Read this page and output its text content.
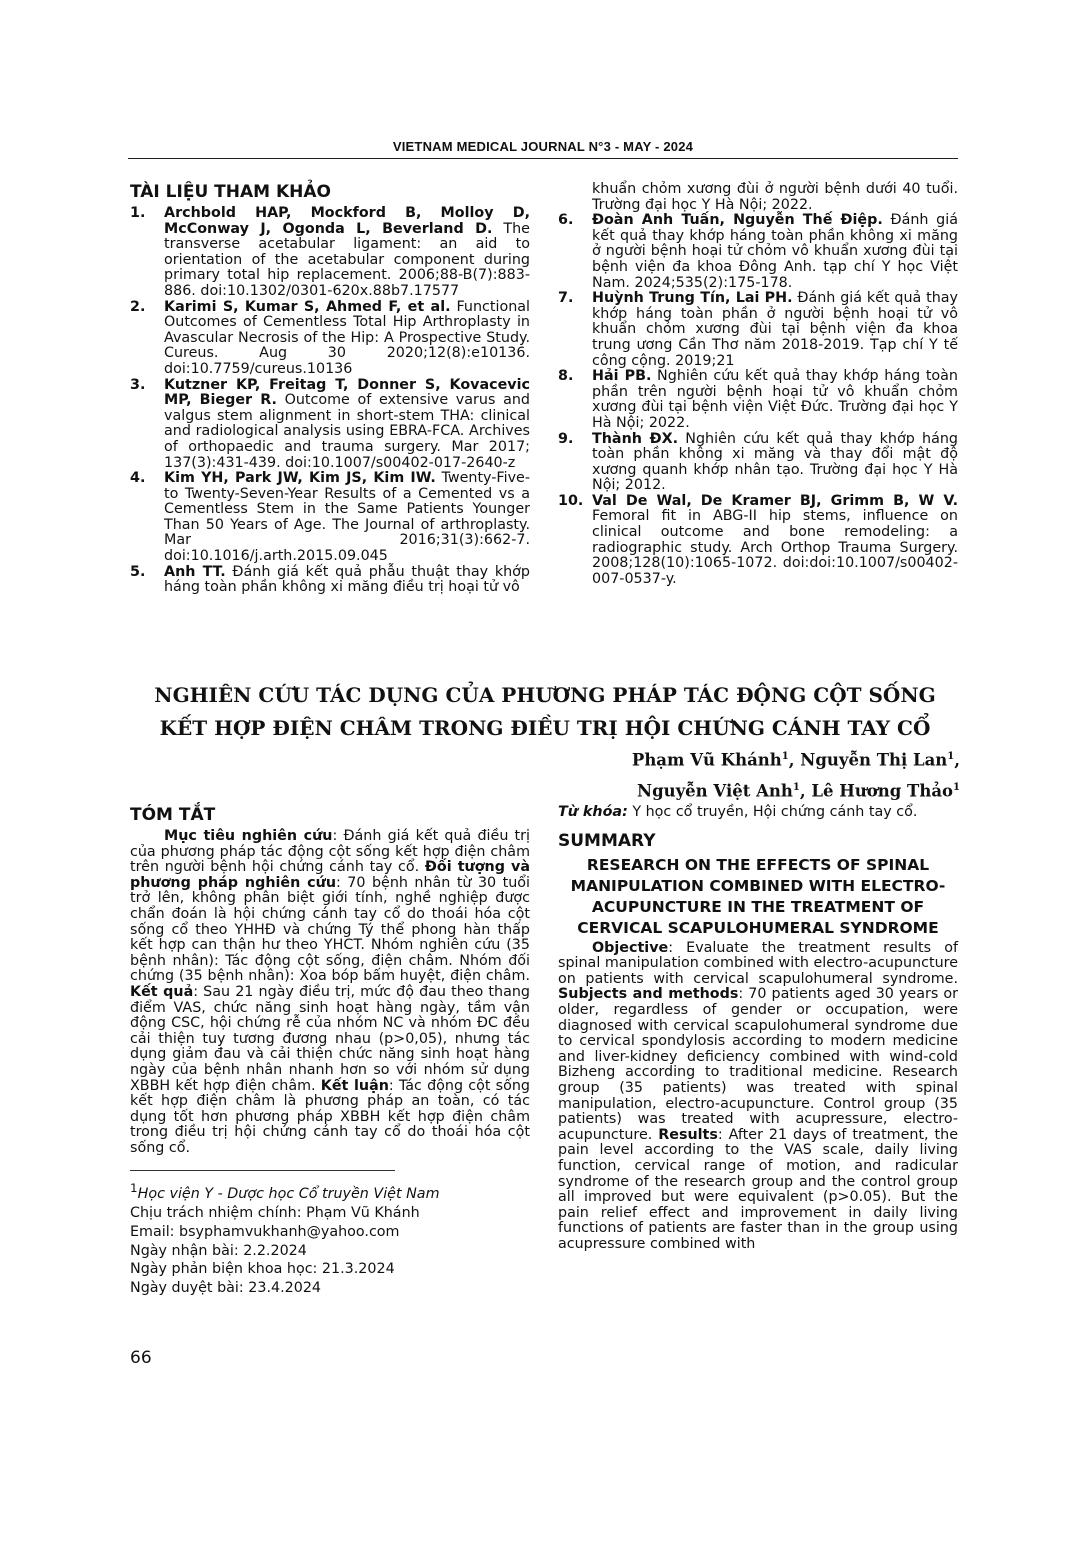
VIETNAM MEDICAL JOURNAL N°3 - MAY - 2024
TÀI LIỆU THAM KHẢO
1.	Archbold HAP, Mockford B, Molloy D, McConway J, Ogonda L, Beverland D. The transverse acetabular ligament: an aid to orientation of the acetabular component during primary total hip replacement. 2006;88-B(7):883-886. doi:10.1302/0301-620x.88b7.17577
2.	Karimi S, Kumar S, Ahmed F, et al. Functional Outcomes of Cementless Total Hip Arthroplasty in Avascular Necrosis of the Hip: A Prospective Study. Cureus. Aug 30 2020;12(8):e10136. doi:10.7759/cureus.10136
3.	Kutzner KP, Freitag T, Donner S, Kovacevic MP, Bieger R. Outcome of extensive varus and valgus stem alignment in short-stem THA: clinical and radiological analysis using EBRA-FCA. Archives of orthopaedic and trauma surgery. Mar 2017; 137(3):431-439. doi:10.1007/s00402-017-2640-z
4.	Kim YH, Park JW, Kim JS, Kim IW. Twenty-Five- to Twenty-Seven-Year Results of a Cemented vs a Cementless Stem in the Same Patients Younger Than 50 Years of Age. The Journal of arthroplasty. Mar 2016;31(3):662-7. doi:10.1016/j.arth.2015.09.045
5.	Anh TT. Đánh giá kết quả phẫu thuật thay khớp háng toàn phần không xi măng điều trị hoại tử vô
khuẩn chỏm xương đùi ở người bệnh dưới 40 tuổi. Trường đại học Y Hà Nội; 2022.
6.	Đoàn Anh Tuấn, Nguyễn Thế Điệp. Đánh giá kết quả thay khớp háng toàn phần không xi măng ở người bệnh hoại tử chỏm vô khuẩn xương đùi tại bệnh viện đa khoa Đông Anh. tạp chí Y học Việt Nam. 2024;535(2):175-178.
7.	Huỳnh Trung Tín, Lai PH. Đánh giá kết quả thay khớp háng toàn phần ở người bệnh hoại tử vô khuẩn chỏm xương đùi tại bệnh viện đa khoa trung ương Cần Thơ năm 2018-2019. Tạp chí Y tế công cộng. 2019;21
8.	Hải PB. Nghiên cứu kết quả thay khớp háng toàn phần trên người bệnh hoại tử vô khuẩn chỏm xương đùi tại bệnh viện Việt Đức. Trường đại học Y Hà Nội; 2022.
9.	Thành ĐX. Nghiên cứu kết quả thay khớp háng toàn phần không xi măng và thay đổi mật độ xương quanh khớp nhân tạo. Trường đại học Y Hà Nội; 2012.
10. Val De Wal, De Kramer BJ, Grimm B, W V. Femoral fit in ABG-II hip stems, influence on clinical outcome and bone remodeling: a radiographic study. Arch Orthop Trauma Surgery. 2008;128(10):1065-1072. doi:doi:10.1007/s00402-007-0537-y.
NGHIÊN CỨU TÁC DỤNG CỦA PHƯƠNG PHÁP TÁC ĐỘNG CỘT SỐNG
KẾT HỢP ĐIỆN CHÂM TRONG ĐIỀU TRỊ HỘI CHỨNG CÁNH TAY CỔ
Phạm Vũ Khánh$^1$, Nguyễn Thị Lan$^1$,
Nguyễn Việt Anh$^1$, Lê Hương Thảo$^1$
TÓM TẮT

Mục tiêu nghiên cứu: Đánh giá kết quả điều trị của phương pháp tác động cột sống kết hợp điện châm trên người bệnh hội chứng cánh tay cổ. Đối tượng và phương pháp nghiên cứu: 70 bệnh nhân từ 30 tuổi trở lên, không phân biệt giới tính, nghề nghiệp được chẩn đoán là hội chứng cánh tay cổ do thoái hóa cột sống cổ theo YHHĐ và chứng Tý thể phong hàn thấp kết hợp can thận hư theo YHCT. Nhóm nghiên cứu (35 bệnh nhân): Tác động cột sống, điện châm. Nhóm đối chứng (35 bệnh nhân): Xoa bóp bấm huyệt, điện châm. Kết quả: Sau 21 ngày điều trị, mức độ đau theo thang điểm VAS, chức năng sinh hoạt hàng ngày, tầm vận động CSC, hội chứng rễ của nhóm NC và nhóm ĐC đều cải thiện tuy tương đương nhau (p>0,05), nhưng tác dụng giảm đau và cải thiện chức năng sinh hoạt hàng ngày của bệnh nhân nhanh hơn so với nhóm sử dụng XBBH kết hợp điện châm. Kết luận: Tác động cột sống kết hợp điện châm là phương pháp an toàn, có tác dụng tốt hơn phương pháp XBBH kết hợp điện châm trong điều trị hội chứng cánh tay cổ do thoái hóa cột sống cổ.

$^1$Học viện Y - Dược học Cổ truyền Việt Nam
Chịu trách nhiệm chính: Phạm Vũ Khánh
Email: bsyphamvukhanh@yahoo.com
Ngày nhận bài: 2.2.2024
Ngày phản biện khoa học: 21.3.2024
Ngày duyệt bài: 23.4.2024

Từ khóa: Y học cổ truyền, Hội chứng cánh tay cổ.

SUMMARY
RESEARCH ON THE EFFECTS OF SPINAL MANIPULATION COMBINED WITH ELECTRO-ACUPUNCTURE IN THE TREATMENT OF CERVICAL SCAPULOHUMERAL SYNDROME

Objective: Evaluate the treatment results of spinal manipulation combined with electro-acupuncture on patients with cervical scapulohumeral syndrome. Subjects and methods: 70 patients aged 30 years or older, regardless of gender or occupation, were diagnosed with cervical scapulohumeral syndrome due to cervical spondylosis according to modern medicine and liver-kidney deficiency combined with wind-cold Bizheng according to traditional medicine. Research group (35 patients) was treated with spinal manipulation, electro-acupuncture. Control group (35 patients) was treated with acupressure, electro-acupuncture. Results: After 21 days of treatment, the pain level according to the VAS scale, daily living function, cervical range of motion, and radicular syndrome of the research group and the control group all improved but were equivalent (p>0.05). But the pain relief effect and improvement in daily living functions of patients are faster than in the group using acupressure combined with

66
